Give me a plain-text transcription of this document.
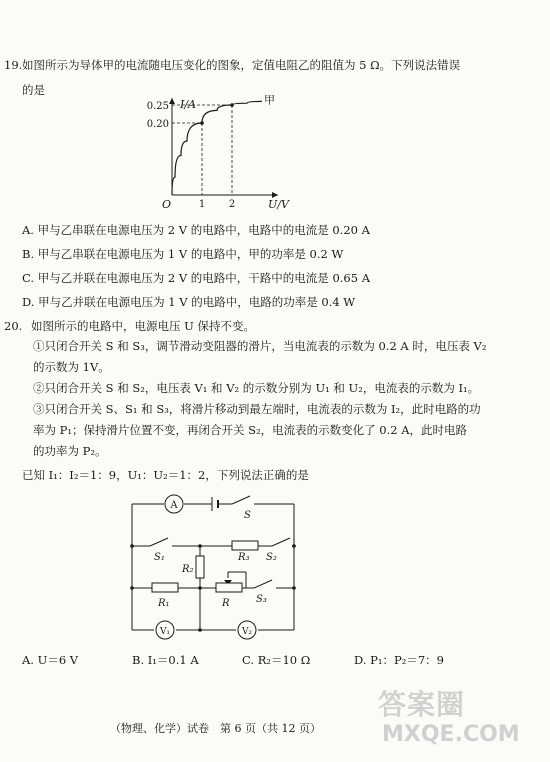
19. 如图所示为导体甲的电流随电压变化的图象，定值电阻乙的阻值为 5 Ω。下列说法错误
的是
I/A
U/V
O	1 2
0.20
0.25
甲
A. 甲与乙串联在电源电压为 2 V 的电路中，电路中的电流是 0.20 A
B. 甲与乙串联在电源电压为 1 V 的电路中，甲的功率是 0.2 W
C. 甲与乙并联在电源电压为 2 V 的电路中，干路中的电流是 0.65 A
D. 甲与乙并联在电源电压为 1 V 的电路中，电路的功率是 0.4 W
20. 如图所示的电路中，电源电压 U 保持不变。
①只闭合开关 S 和 S₃，调节滑动变阻器的滑片，当电流表的示数为 0.2 A 时，电压表 V₂
的示数为 1V。
②只闭合开关 S 和 S₂，电压表 V₁ 和 V₂ 的示数分别为 U₁ 和 U₂，电流表的示数为 I₁。
③只闭合开关 S、S₁ 和 S₃，将滑片移动到最左端时，电流表的示数为 I₂，此时电路的功
率为 P₁；保持滑片位置不变，再闭合开关 S₂，电流表的示数变化了 0.2 A，此时电路
的功率为 P₂。
已知 I₁：I₂＝1：9，U₁：U₂＝1：2，下列说法正确的是
A
S
S₁	S₂
S₃
R₃
R₂
R₁	R
V₁	V₂
A. U＝6 V	B. I₁＝0.1 A	C. R₂＝10 Ω	D. P₁：P₂＝7：9
答案圈
MXQE.COM
（物理、化学）试卷　第 6 页（共 12 页）
